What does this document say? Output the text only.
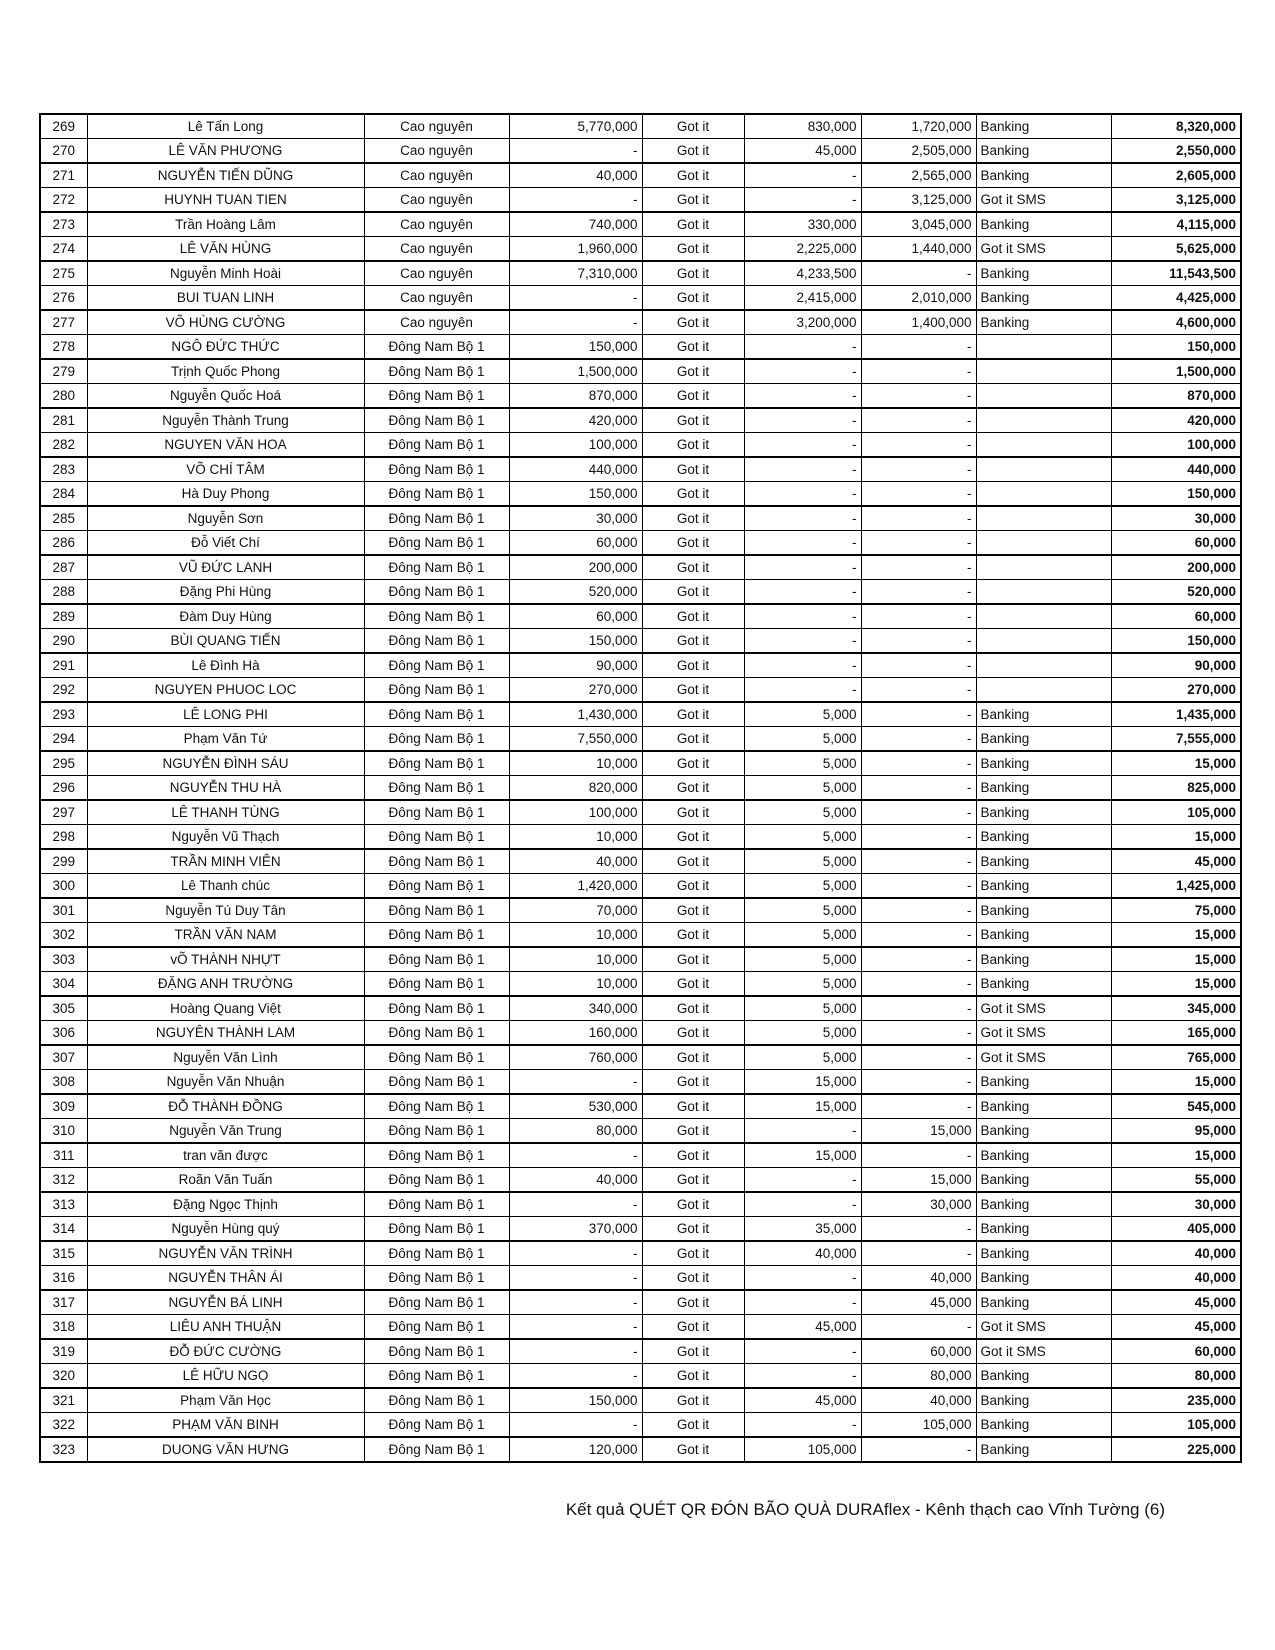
269	Lê Tấn Long	Cao nguyên	5,770,000	Got it	830,000	1,720,000	Banking	8,320,000
270	LÊ VĂN PHƯƠNG	Cao nguyên	-	Got it	45,000	2,505,000	Banking	2,550,000
271	NGUYỄN TIẾN DŨNG	Cao nguyên	40,000	Got it	-	2,565,000	Banking	2,605,000
272	HUYNH TUAN TIEN	Cao nguyên	-	Got it	-	3,125,000	Got it SMS	3,125,000
273	Trần Hoàng Lâm	Cao nguyên	740,000	Got it	330,000	3,045,000	Banking	4,115,000
274	LÊ VĂN HÙNG	Cao nguyên	1,960,000	Got it	2,225,000	1,440,000	Got it SMS	5,625,000
275	Nguyễn Minh Hoài	Cao nguyên	7,310,000	Got it	4,233,500	-	Banking	11,543,500
276	BUI TUAN LINH	Cao nguyên	-	Got it	2,415,000	2,010,000	Banking	4,425,000
277	VÕ HÙNG CƯỜNG	Cao nguyên	-	Got it	3,200,000	1,400,000	Banking	4,600,000
278	NGÔ ĐỨC THỨC	Đông Nam Bộ 1	150,000	Got it	-	-		150,000
279	Trịnh Quốc Phong	Đông Nam Bộ 1	1,500,000	Got it	-	-		1,500,000
280	Nguyễn Quốc Hoá	Đông Nam Bộ 1	870,000	Got it	-	-		870,000
281	Nguyễn Thành Trung	Đông Nam Bộ 1	420,000	Got it	-	-		420,000
282	NGUYEN VĂN HOA	Đông Nam Bộ 1	100,000	Got it	-	-		100,000
283	VÕ CHÍ TÂM	Đông Nam Bộ 1	440,000	Got it	-	-		440,000
284	Hà Duy Phong	Đông Nam Bộ 1	150,000	Got it	-	-		150,000
285	Nguyễn Sơn	Đông Nam Bộ 1	30,000	Got it	-	-		30,000
286	Đỗ Viết Chí	Đông Nam Bộ 1	60,000	Got it	-	-		60,000
287	VŨ ĐỨC LANH	Đông Nam Bộ 1	200,000	Got it	-	-		200,000
288	Đặng Phi Hùng	Đông Nam Bộ 1	520,000	Got it	-	-		520,000
289	Đàm Duy Hùng	Đông Nam Bộ 1	60,000	Got it	-	-		60,000
290	BÙI QUANG TIẾN	Đông Nam Bộ 1	150,000	Got it	-	-		150,000
291	Lê Đình Hà	Đông Nam Bộ 1	90,000	Got it	-	-		90,000
292	NGUYEN PHUOC LOC	Đông Nam Bộ 1	270,000	Got it	-	-		270,000
293	LÊ LONG PHI	Đông Nam Bộ 1	1,430,000	Got it	5,000	-	Banking	1,435,000
294	Phạm Văn Tứ	Đông Nam Bộ 1	7,550,000	Got it	5,000	-	Banking	7,555,000
295	NGUYỄN ĐÌNH SÁU	Đông Nam Bộ 1	10,000	Got it	5,000	-	Banking	15,000
296	NGUYỄN THU HÀ	Đông Nam Bộ 1	820,000	Got it	5,000	-	Banking	825,000
297	LÊ THANH TÙNG	Đông Nam Bộ 1	100,000	Got it	5,000	-	Banking	105,000
298	Nguyễn Vũ Thạch	Đông Nam Bộ 1	10,000	Got it	5,000	-	Banking	15,000
299	TRẦN MINH VIÊN	Đông Nam Bộ 1	40,000	Got it	5,000	-	Banking	45,000
300	Lê Thanh chúc	Đông Nam Bộ 1	1,420,000	Got it	5,000	-	Banking	1,425,000
301	Nguyễn Tú Duy Tân	Đông Nam Bộ 1	70,000	Got it	5,000	-	Banking	75,000
302	TRẦN VĂN NAM	Đông Nam Bộ 1	10,000	Got it	5,000	-	Banking	15,000
303	vÕ THÀNH NHỰT	Đông Nam Bộ 1	10,000	Got it	5,000	-	Banking	15,000
304	ĐẶNG ANH TRƯỜNG	Đông Nam Bộ 1	10,000	Got it	5,000	-	Banking	15,000
305	Hoàng Quang Việt	Đông Nam Bộ 1	340,000	Got it	5,000	-	Got it SMS	345,000
306	NGUYÊN THÀNH LAM	Đông Nam Bộ 1	160,000	Got it	5,000	-	Got it SMS	165,000
307	Nguyễn Văn Lình	Đông Nam Bộ 1	760,000	Got it	5,000	-	Got it SMS	765,000
308	Nguyễn Văn Nhuận	Đông Nam Bộ 1	-	Got it	15,000	-	Banking	15,000
309	ĐỖ THÀNH ĐỒNG	Đông Nam Bộ 1	530,000	Got it	15,000	-	Banking	545,000
310	Nguyễn Văn Trung	Đông Nam Bộ 1	80,000	Got it	-	15,000	Banking	95,000
311	tran văn được	Đông Nam Bộ 1	-	Got it	15,000	-	Banking	15,000
312	Roãn Văn Tuấn	Đông Nam Bộ 1	40,000	Got it	-	15,000	Banking	55,000
313	Đặng Ngọc Thịnh	Đông Nam Bộ 1	-	Got it	-	30,000	Banking	30,000
314	Nguyễn Hùng quý	Đông Nam Bộ 1	370,000	Got it	35,000	-	Banking	405,000
315	NGUYỄN VĂN TRÌNH	Đông Nam Bộ 1	-	Got it	40,000	-	Banking	40,000
316	NGUYỄN THÂN ÁI	Đông Nam Bộ 1	-	Got it	-	40,000	Banking	40,000
317	NGUYỄN BÁ LINH	Đông Nam Bộ 1	-	Got it	-	45,000	Banking	45,000
318	LIÊU ANH THUẬN	Đông Nam Bộ 1	-	Got it	45,000	-	Got it SMS	45,000
319	ĐỖ ĐỨC CƯỜNG	Đông Nam Bộ 1	-	Got it	-	60,000	Got it SMS	60,000
320	LÊ HỮU NGỌ	Đông Nam Bộ 1	-	Got it	-	80,000	Banking	80,000
321	Phạm Văn Học	Đông Nam Bộ 1	150,000	Got it	45,000	40,000	Banking	235,000
322	PHẠM VĂN BINH	Đông Nam Bộ 1	-	Got it	-	105,000	Banking	105,000
323	DUONG VĂN HƯNG	Đông Nam Bộ 1	120,000	Got it	105,000	-	Banking	225,000
Kết quả QUÉT QR ĐÓN BÃO QUÀ DURAflex - Kênh thạch cao Vĩnh Tường (6)
